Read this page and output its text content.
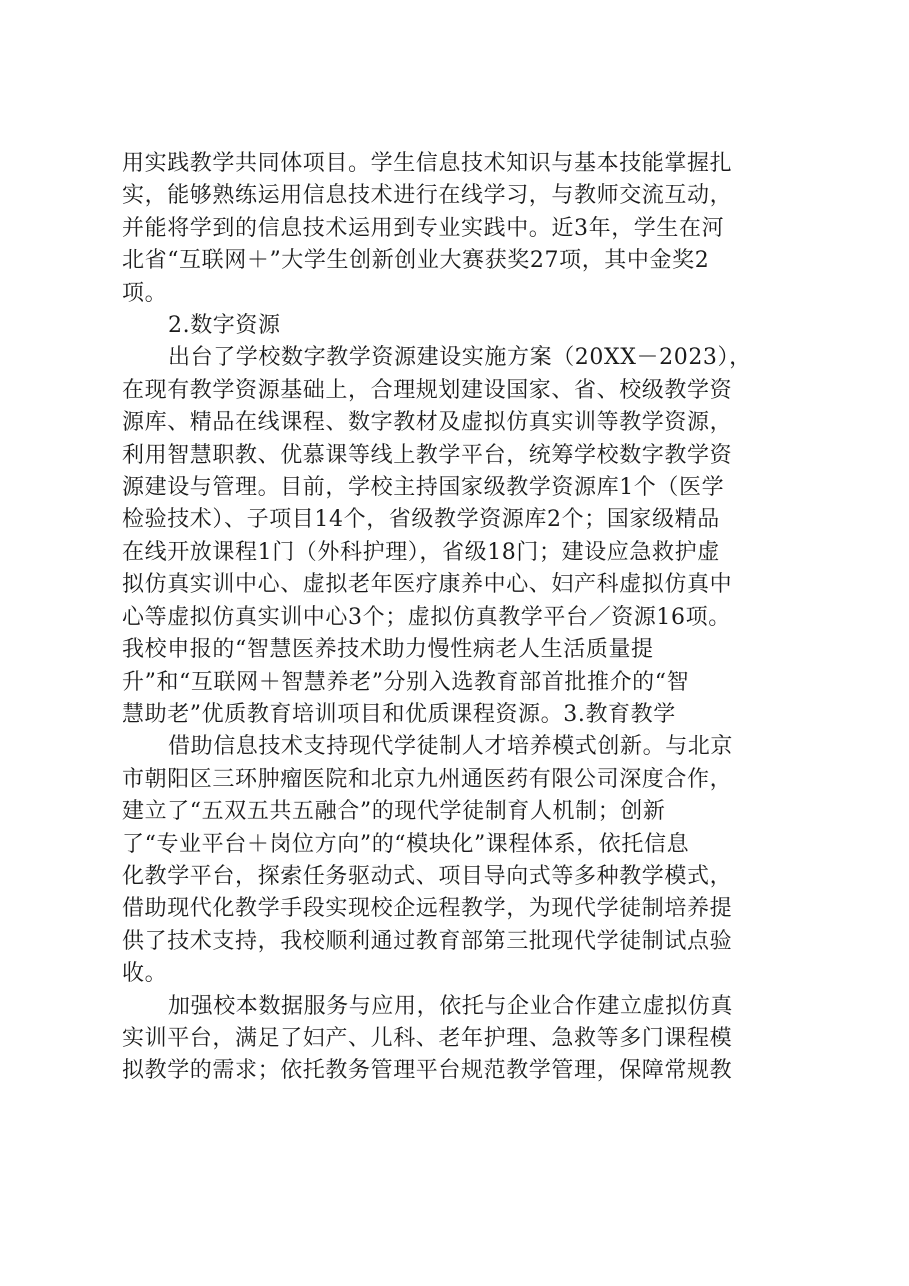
用实践教学共同体项目。学生信息技术知识与基本技能掌握扎
实，能够熟练运用信息技术进行在线学习，与教师交流互动，
并能将学到的信息技术运用到专业实践中。近3年，学生在河
北省“互联网＋”大学生创新创业大赛获奖27项，其中金奖2
项。
2.数字资源
出台了学校数字教学资源建设实施方案（20XX－2023），
在现有教学资源基础上，合理规划建设国家、省、校级教学资
源库、精品在线课程、数字教材及虚拟仿真实训等教学资源，
利用智慧职教、优慕课等线上教学平台，统筹学校数字教学资
源建设与管理。目前，学校主持国家级教学资源库1个（医学
检验技术）、子项目14个，省级教学资源库2个；国家级精品
在线开放课程1门（外科护理），省级18门；建设应急救护虚
拟仿真实训中心、虚拟老年医疗康养中心、妇产科虚拟仿真中
心等虚拟仿真实训中心3个；虚拟仿真教学平台／资源16项。
我校申报的“智慧医养技术助力慢性病老人生活质量提
升”和“互联网＋智慧养老”分别入选教育部首批推介的“智
慧助老”优质教育培训项目和优质课程资源。3.教育教学
借助信息技术支持现代学徒制人才培养模式创新。与北京
市朝阳区三环肿瘤医院和北京九州通医药有限公司深度合作，
建立了“五双五共五融合”的现代学徒制育人机制；创新
了“专业平台＋岗位方向”的“模块化”课程体系，依托信息
化教学平台，探索任务驱动式、项目导向式等多种教学模式，
借助现代化教学手段实现校企远程教学，为现代学徒制培养提
供了技术支持，我校顺利通过教育部第三批现代学徒制试点验
收。
加强校本数据服务与应用，依托与企业合作建立虚拟仿真
实训平台，满足了妇产、儿科、老年护理、急救等多门课程模
拟教学的需求；依托教务管理平台规范教学管理，保障常规教
